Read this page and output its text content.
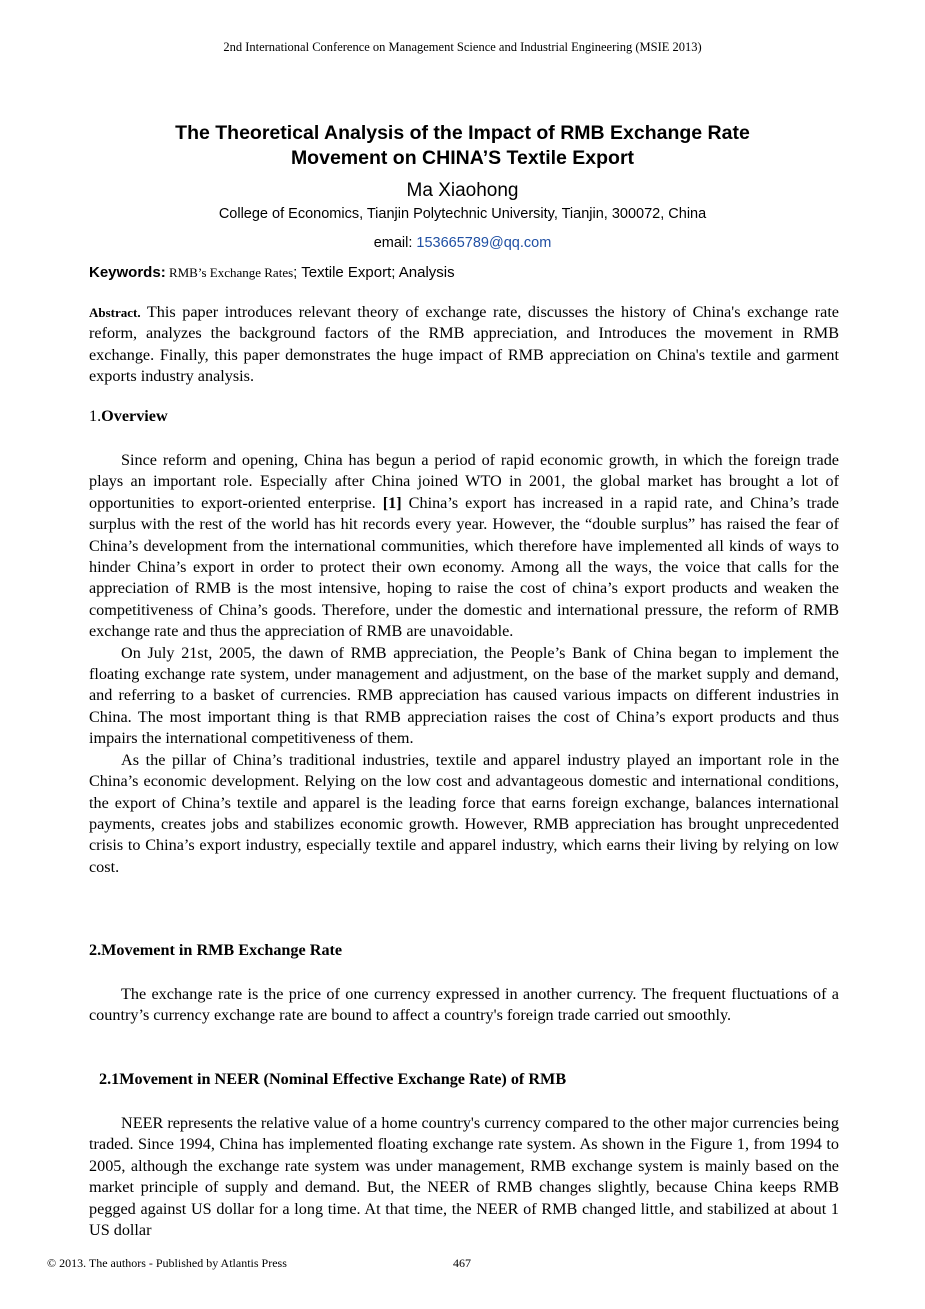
2nd International Conference on Management Science and Industrial Engineering (MSIE 2013)
The Theoretical Analysis of the Impact of RMB Exchange Rate
Movement on CHINA’S Textile Export
Ma Xiaohong
College of Economics, Tianjin Polytechnic University, Tianjin, 300072, China
email: 153665789@qq.com
Keywords: RMB’s Exchange Rates; Textile Export; Analysis

Abstract. This paper introduces relevant theory of exchange rate, discusses the history of China's exchange rate reform, analyzes the background factors of the RMB appreciation, and Introduces the movement in RMB exchange. Finally, this paper demonstrates the huge impact of RMB appreciation on China's textile and garment exports industry analysis.

1.Overview

Since reform and opening, China has begun a period of rapid economic growth, in which the foreign trade plays an important role. Especially after China joined WTO in 2001, the global market has brought a lot of opportunities to export-oriented enterprise. [1] China’s export has increased in a rapid rate, and China’s trade surplus with the rest of the world has hit records every year. However, the “double surplus” has raised the fear of China’s development from the international communities, which therefore have implemented all kinds of ways to hinder China’s export in order to protect their own economy. Among all the ways, the voice that calls for the appreciation of RMB is the most intensive, hoping to raise the cost of china’s export products and weaken the competitiveness of China’s goods. Therefore, under the domestic and international pressure, the reform of RMB exchange rate and thus the appreciation of RMB are unavoidable.

On July 21st, 2005, the dawn of RMB appreciation, the People’s Bank of China began to implement the floating exchange rate system, under management and adjustment, on the base of the market supply and demand, and referring to a basket of currencies. RMB appreciation has caused various impacts on different industries in China. The most important thing is that RMB appreciation raises the cost of China’s export products and thus impairs the international competitiveness of them.

As the pillar of China’s traditional industries, textile and apparel industry played an important role in the China’s economic development. Relying on the low cost and advantageous domestic and international conditions, the export of China’s textile and apparel is the leading force that earns foreign exchange, balances international payments, creates jobs and stabilizes economic growth. However, RMB appreciation has brought unprecedented crisis to China’s export industry, especially textile and apparel industry, which earns their living by relying on low cost.

2.Movement in RMB Exchange Rate

The exchange rate is the price of one currency expressed in another currency. The frequent fluctuations of a country’s currency exchange rate are bound to affect a country's foreign trade carried out smoothly.

2.1Movement in NEER (Nominal Effective Exchange Rate) of RMB

NEER represents the relative value of a home country's currency compared to the other major currencies being traded. Since 1994, China has implemented floating exchange rate system. As shown in the Figure 1, from 1994 to 2005, although the exchange rate system was under management, RMB exchange system is mainly based on the market principle of supply and demand. But, the NEER of RMB changes slightly, because China keeps RMB pegged against US dollar for a long time. At that time, the NEER of RMB changed little, and stabilized at about 1 US dollar

© 2013. The authors - Published by Atlantis Press	467
